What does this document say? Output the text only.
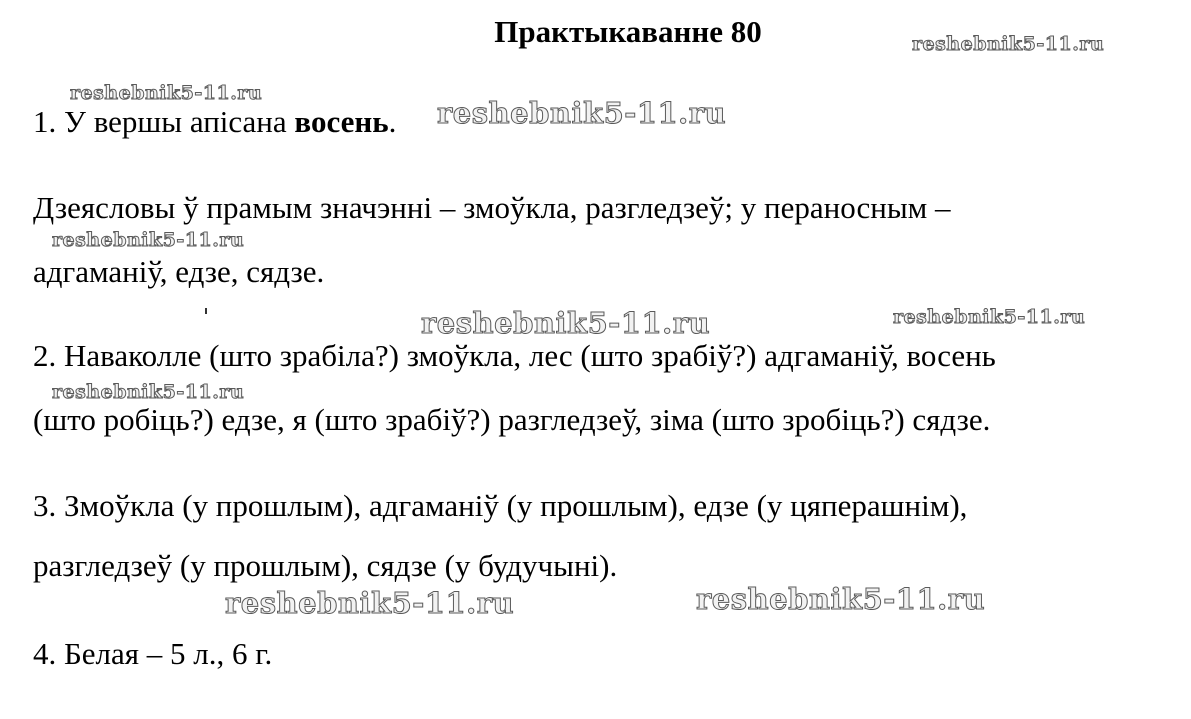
Практыкаванне 80
1. У вершы апісана восень.
Дзеясловы ў прамым значэнні – змоўкла, разгледзеў; у пераносным –
адгаманіў, едзе, сядзе.
2. Наваколле (што зрабіла?) змоўкла, лес (што зрабіў?) адгаманіў, восень
(што робіць?) едзе, я (што зрабіў?) разгледзеў, зіма (што зробіць?) сядзе.
3. Змоўкла (у прошлым), адгаманіў (у прошлым), едзе (у цяперашнім),
разгледзеў (у прошлым), сядзе (у будучыні).
4. Белая – 5 л., 6 г.
reshebnik5-11.ru
reshebnik5-11.ru
reshebnik5-11.ru
reshebnik5-11.ru
reshebnik5-11.ru	reshebnik5-11.ru
reshebnik5-11.ru
reshebnik5-11.ru	reshebnik5-11.ru
